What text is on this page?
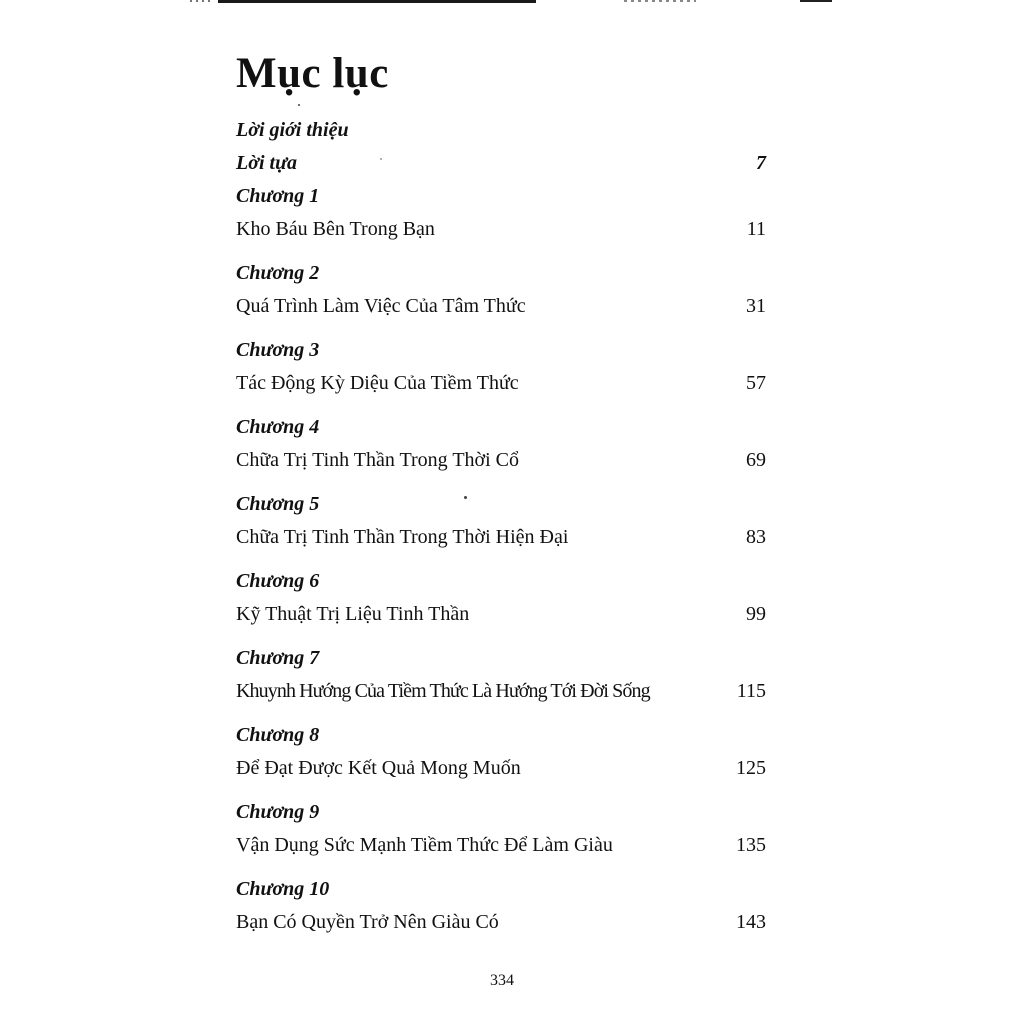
Mục lục
Lời giới thiệu
Lời tựa	7
Chương 1
Kho Báu Bên Trong Bạn	11
Chương 2
Quá Trình Làm Việc Của Tâm Thức	31
Chương 3
Tác Động Kỳ Diệu Của Tiềm Thức	57
Chương 4
Chữa Trị Tinh Thần Trong Thời Cổ	69
Chương 5
Chữa Trị Tinh Thần Trong Thời Hiện Đại	83
Chương 6
Kỹ Thuật Trị Liệu Tinh Thần	99
Chương 7
Khuynh Hướng Của Tiềm Thức Là Hướng Tới Đời Sống	115
Chương 8
Để Đạt Được Kết Quả Mong Muốn	125
Chương 9
Vận Dụng Sức Mạnh Tiềm Thức Để Làm Giàu	135
Chương 10
Bạn Có Quyền Trở Nên Giàu Có	143
334
